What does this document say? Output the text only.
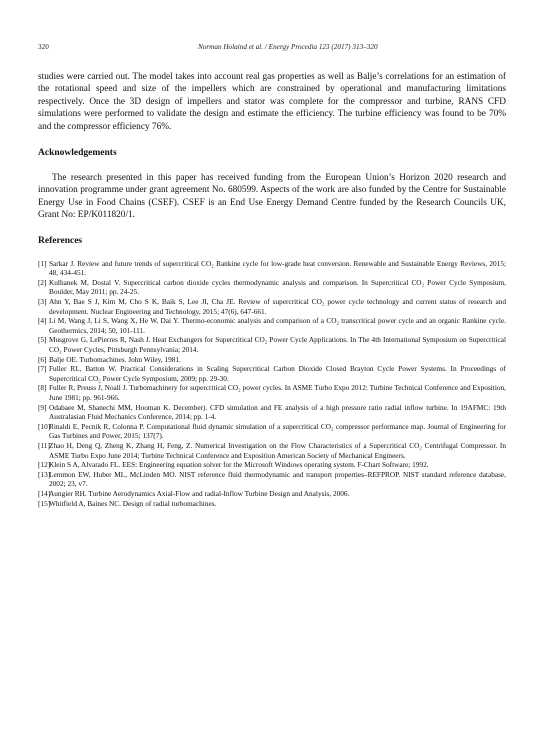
320	Norman Holaind et al. / Energy Procedia 123 (2017) 313–320

studies were carried out. The model takes into account real gas properties as well as Balje’s correlations for an estimation of the rotational speed and size of the impellers which are constrained by operational and manufacturing limitations respectively. Once the 3D design of impellers and stator was complete for the compressor and turbine, RANS CFD simulations were performed to validate the design and estimate the efficiency. The turbine efficiency was found to be 70% and the compressor efficiency 76%.

Acknowledgements

The research presented in this paper has received funding from the European Union’s Horizon 2020 research and innovation programme under grant agreement No. 680599. Aspects of the work are also funded by the Centre for Sustainable Energy Use in Food Chains (CSEF). CSEF is an End Use Energy Demand Centre funded by the Research Councils UK, Grant No: EP/K011820/1.

References
[1] Sarkar J. Review and future trends of supercritical CO₂ Rankine cycle for low-grade heat conversion. Renewable and Sustainable Energy Reviews, 2015; 48, 434-451.
[2] Kulhanek M, Dostal V. Supercritical carbon dioxide cycles thermodynamic analysis and comparison. In Supercritical CO₂ Power Cycle Symposium, Boulder, May 2011; pp. 24-25.
[3] Ahn Y, Bae S J, Kim M, Cho S K, Baik S, Lee JI, Cha JE. Review of supercritical CO₂ power cycle technology and current status of research and development. Nuclear Engineering and Technology, 2015; 47(6), 647-661.
[4] Li M, Wang J, Li S, Wang X, He W, Dai Y. Thermo-economic analysis and comparison of a CO₂ transcritical power cycle and an organic Rankine cycle. Geothermics, 2014; 50, 101-111.
[5] Musgrove G, LePierres R, Nash J. Heat Exchangers for Supercritical CO₂ Power Cycle Applications. In The 4th International Symposium on Supercritical CO₂ Power Cycles, Pittsburgh Pennsylvania; 2014.
[6] Balje OE. Turbomachines. John Wiley, 1981.
[7] Fuller RL, Batton W. Practical Considerations in Scaling Supercritical Carbon Dioxide Closed Brayton Cycle Power Systems. In Proceedings of Supercritical CO₂ Power Cycle Symposium, 2009; pp. 29-30.
[8] Fuller R, Preuss J, Noall J. Turbomachinery for supercritical CO₂ power cycles. In ASME Turbo Expo 2012: Turbine Technical Conference and Exposition, June 1981; pp. 961-966.
[9] Odabaee M, Shanechi MM, Hooman K. December). CFD simulation and FE analysis of a high pressure ratio radial inflow turbine. In 19AFMC: 19th Australasian Fluid Mechanics Conference, 2014; pp. 1-4.
[10]
Rinaldi E, Pecnik R, Colonna P. Computational fluid dynamic simulation of a supercritical CO₂ compressor performance map. Journal of Engineering for Gas Turbines and Power, 2015; 137(7).
[11] Zhao H, Deng Q, Zheng K, Zhang H, Feng, Z. Numerical Investigation on the Flow Characteristics of a Supercritical CO₂ Centrifugal Compressor. In ASME Turbo Expo June 2014; Turbine Technical Conference and Exposition American Society of Mechanical Engineers.
[12]
Klein S A, Alvarado FL. EES: Engineering equation solver for the Microsoft Windows operating system. F-Chart Software; 1992.
[13]
Lemmon EW, Huber ML, McLinden MO. NIST reference fluid thermodynamic and transport properties–REFPROP. NIST standard reference database, 2002; 23, v7.
[14]
Aungier RH. Turbine Aerodynamics Axial-Flow and radial-Inflow Turbine Design and Analysis, 2006.
[15]
Whitfield A, Baines NC. Design of radial turbomachines.
